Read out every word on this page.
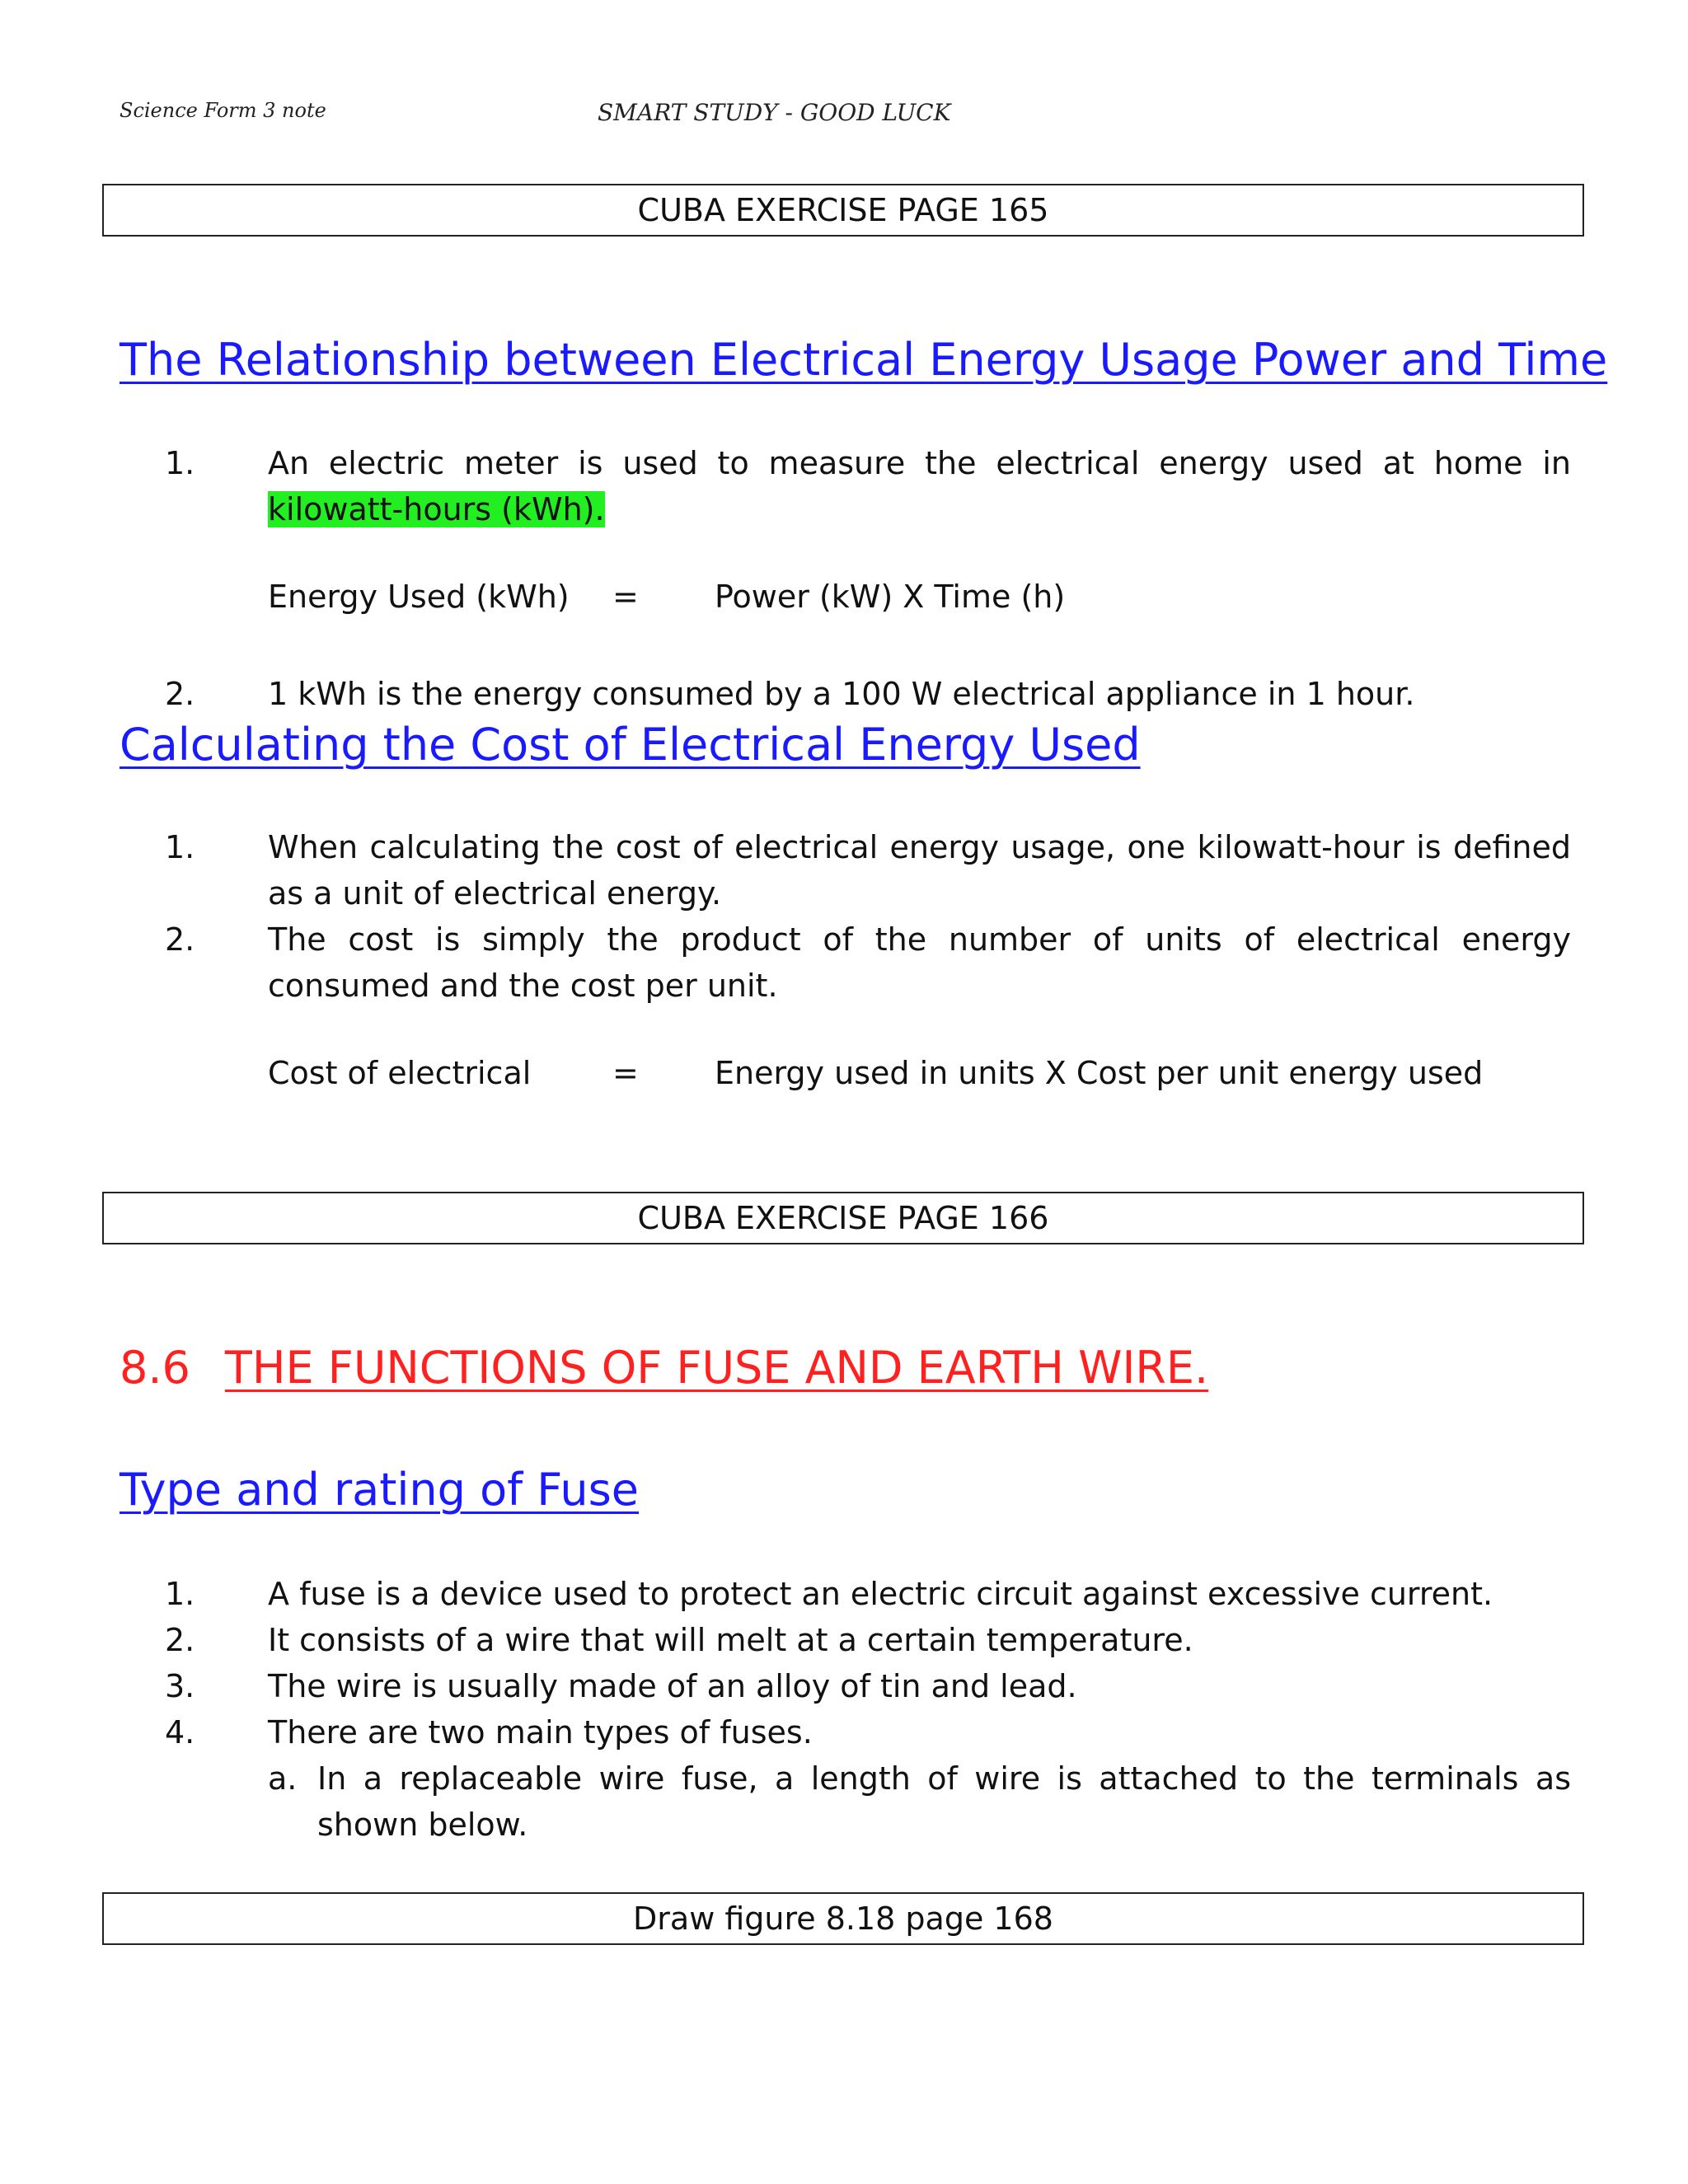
Science Form 3 note	SMART STUDY - GOOD LUCK
CUBA EXERCISE PAGE 165
The Relationship between Electrical Energy Usage Power and Time
1. An electric meter is used to measure the electrical energy used at home in kilowatt-hours (kWh).
Energy Used (kWh) = Power (kW) X Time (h)
2. 1 kWh is the energy consumed by a 100 W electrical appliance in 1 hour.
Calculating the Cost of Electrical Energy Used
1. When calculating the cost of electrical energy usage, one kilowatt-hour is defined as a unit of electrical energy.
2. The cost is simply the product of the number of units of electrical energy consumed and the cost per unit.
Cost of electrical	= Energy used in units X Cost per unit energy used
CUBA EXERCISE PAGE 166
8.6 THE FUNCTIONS OF FUSE AND EARTH WIRE.
Type and rating of Fuse
1. A fuse is a device used to protect an electric circuit against excessive current.
2. It consists of a wire that will melt at a certain temperature.
3. The wire is usually made of an alloy of tin and lead.
4. There are two main types of fuses.
a. In a replaceable wire fuse, a length of wire is attached to the terminals as shown below.
Draw figure 8.18 page 168
